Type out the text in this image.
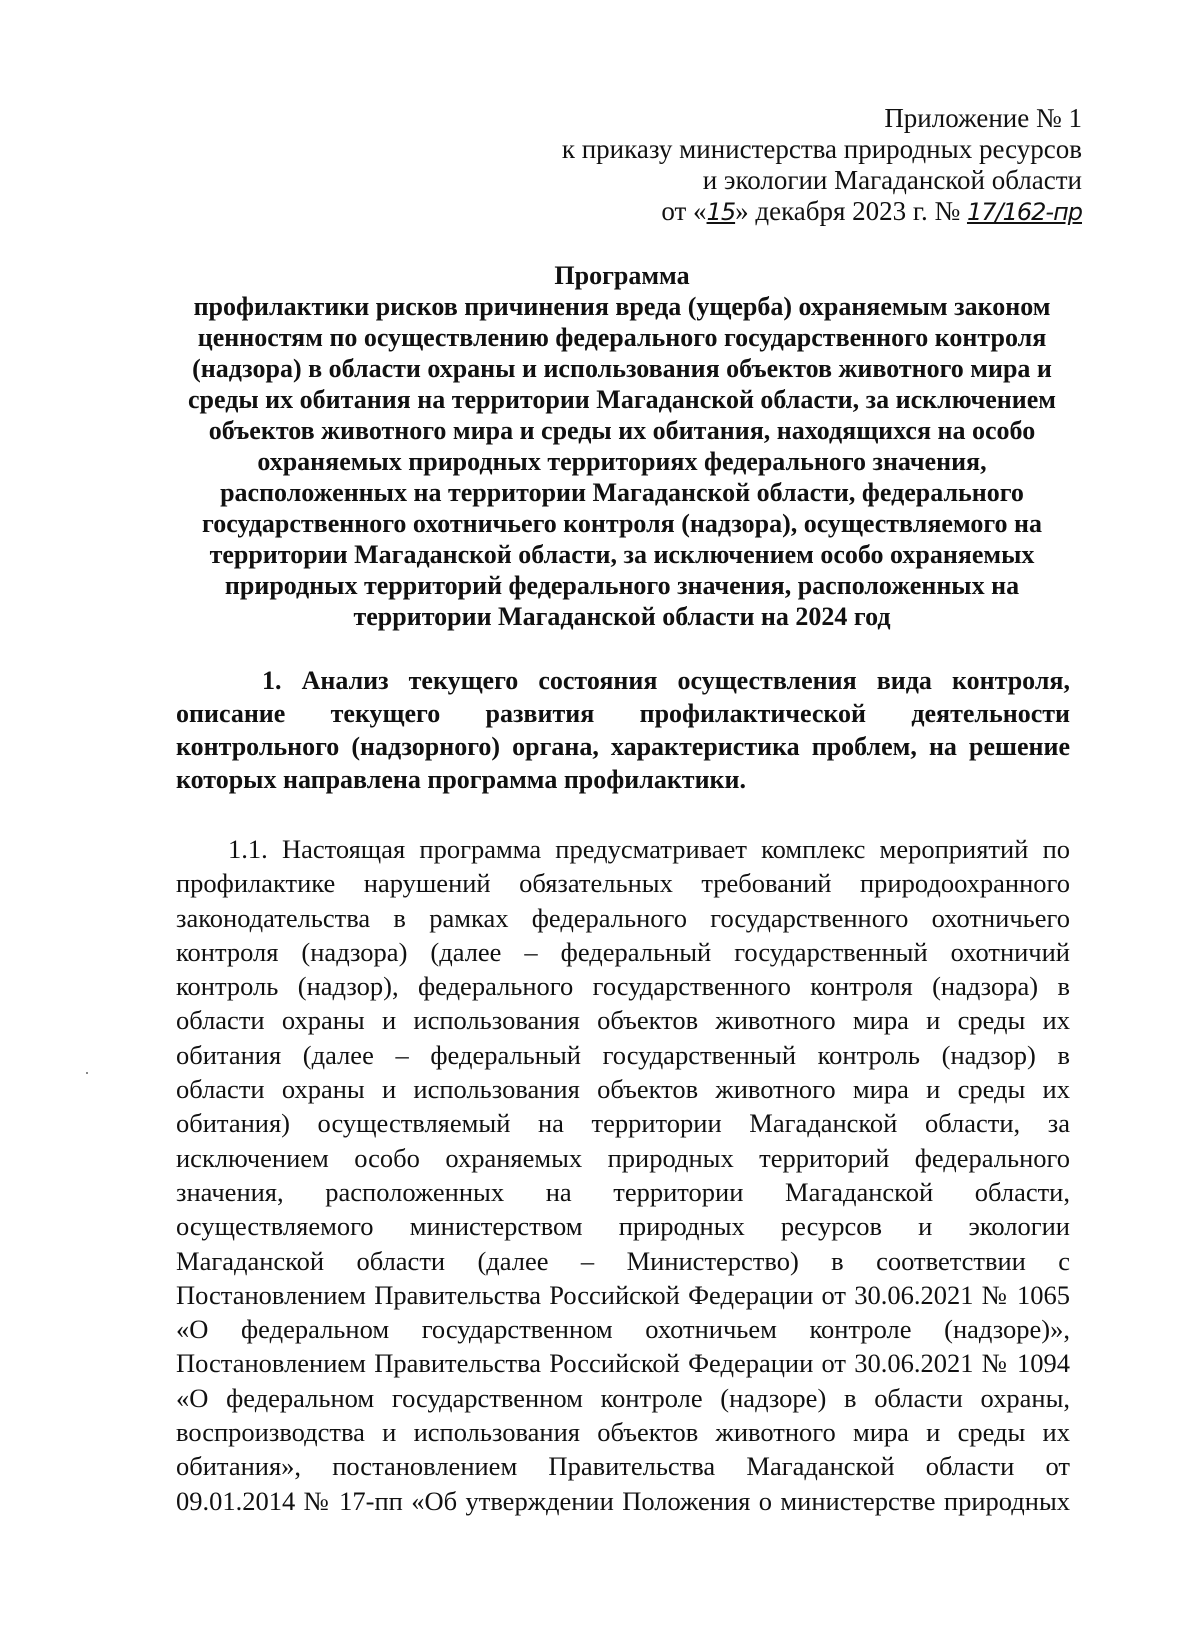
Приложение № 1
к приказу министерства природных ресурсов
и экологии Магаданской области
от «15» декабря 2023 г. № 17/162-пр
Программа
профилактики рисков причинения вреда (ущерба) охраняемым законом
ценностям по осуществлению федерального государственного контроля
(надзора) в области охраны и использования объектов животного мира и
среды их обитания на территории Магаданской области, за исключением
объектов животного мира и среды их обитания, находящихся на особо
охраняемых природных территориях федерального значения,
расположенных на территории Магаданской области, федерального
государственного охотничьего контроля (надзора), осуществляемого на
территории Магаданской области, за исключением особо охраняемых
природных территорий федерального значения, расположенных на
территории Магаданской области на 2024 год
1. Анализ текущего состояния осуществления вида контроля,
описание текущего развития профилактической деятельности
контрольного (надзорного) органа, характеристика проблем, на решение
которых направлена программа профилактики.
1.1. Настоящая программа предусматривает комплекс мероприятий по
профилактике нарушений обязательных требований природоохранного
законодательства в рамках федерального государственного охотничьего
контроля (надзора) (далее – федеральный государственный охотничий
контроль (надзор), федерального государственного контроля (надзора) в
области охраны и использования объектов животного мира и среды их
обитания (далее – федеральный государственный контроль (надзор) в
области охраны и использования объектов животного мира и среды их
обитания) осуществляемый на территории Магаданской области, за
исключением особо охраняемых природных территорий федерального
значения, расположенных на территории Магаданской области,
осуществляемого министерством природных ресурсов и экологии
Магаданской области (далее – Министерство) в соответствии с
Постановлением Правительства Российской Федерации от 30.06.2021 № 1065
«О федеральном государственном охотничьем контроле (надзоре)»,
Постановлением Правительства Российской Федерации от 30.06.2021 № 1094
«О федеральном государственном контроле (надзоре) в области охраны,
воспроизводства и использования объектов животного мира и среды их
обитания», постановлением Правительства Магаданской области от
09.01.2014 № 17-пп «Об утверждении Положения о министерстве природных
